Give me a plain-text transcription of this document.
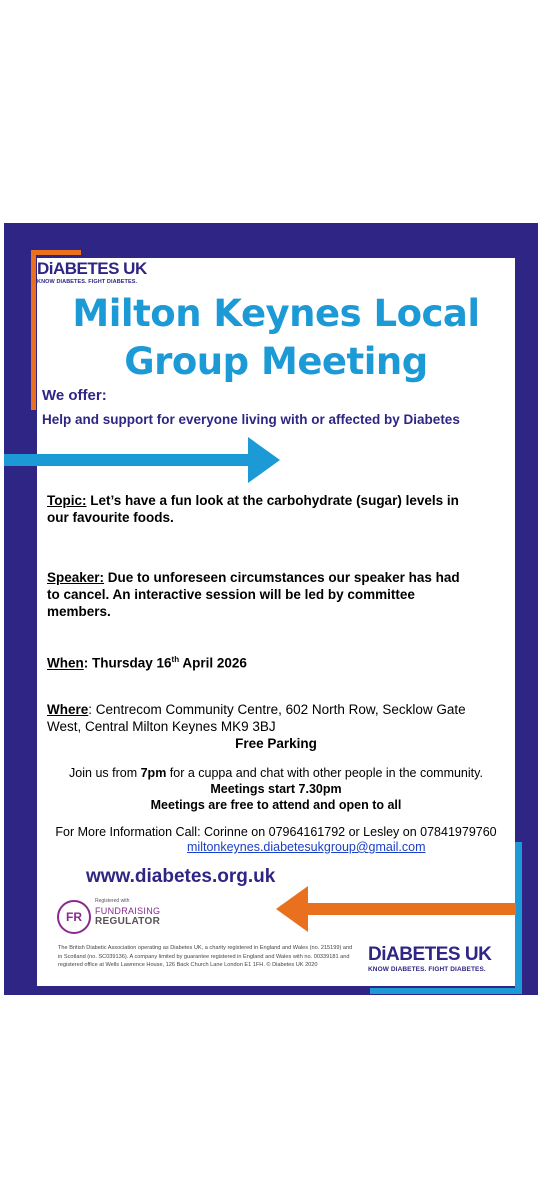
DiABETES UK
KNOW DIABETES. FIGHT DIABETES.
Milton Keynes Local
Group Meeting
We offer:
Help and support for everyone living with or affected by Diabetes
Topic: Let’s have a fun look at the carbohydrate (sugar) levels in
our favourite foods.
Speaker: Due to unforeseen circumstances our speaker has had
to cancel. An interactive session will be led by committee
members.
When: Thursday 16th April 2026
Where: Centrecom Community Centre, 602 North Row, Secklow Gate
West, Central Milton Keynes MK9 3BJ
Free Parking
Join us from 7pm for a cuppa and chat with other people in the community.
Meetings start 7.30pm
Meetings are free to attend and open to all
For More Information Call: Corinne on 07964161792 or Lesley on 07841979760
miltonkeynes.diabetesukgroup@gmail.com
www.diabetes.org.uk
FR
Registered with
FUNDRAISING
REGULATOR
The British Diabetic Association operating as Diabetes UK, a charity registered in England and Wales (no. 215199) and in Scotland (no. SC039136). A company limited by guarantee registered in England and Wales with no. 00339181 and registered office at Wells Lawrence House, 126 Back Church Lane London E1 1FH. © Diabetes UK 2020
DiABETES UK
KNOW DIABETES. FIGHT DIABETES.
